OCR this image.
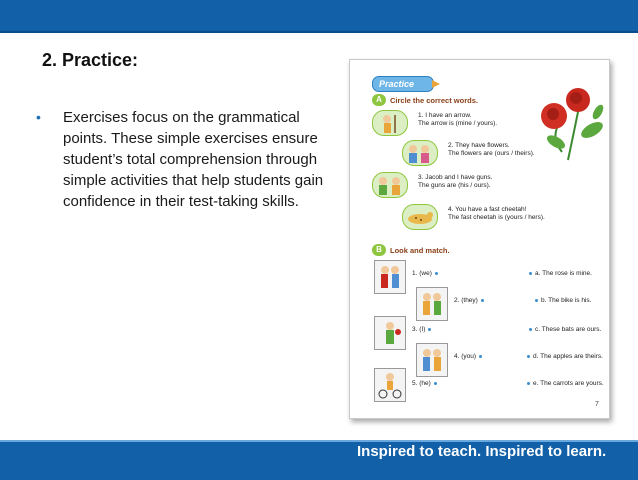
2. Practice:
• Exercises focus on the grammatical points. These simple exercises ensure student’s total comprehension through simple activities that help students gain confidence in their test-taking skills.
Practice
A	Circle the correct words.
1. I have an arrow.
The arrow is (mine / yours).
2. They have flowers.
The flowers are (ours / theirs).
3. Jacob and I have guns.
The guns are (his / ours).
4. You have a fast cheetah!
The fast cheetah is (yours / hers).
B	Look and match.
1. (we)	a. The rose is mine.
2. (they)	b. The bike is his.
3. (I)	c. These bats are ours.
4. (you)	d. The apples are theirs.
5. (he)	e. The carrots are yours.
7
Inspired to teach. Inspired to learn.
